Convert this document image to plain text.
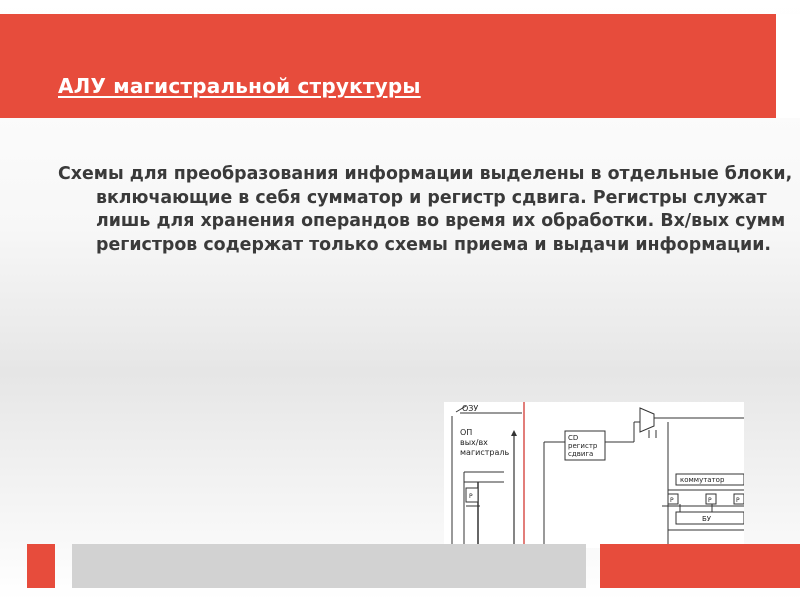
АЛУ магистральной структуры

Схемы для преобразования информации выделены в отдельные блоки, включающие в себя сумматор и регистр сдвига. Регистры служат лишь для хранения операндов во время их обработки. Вх/вых сумм регистров содержат только схемы приема и выдачи информации.

ОЗУ
ОП
вых/вх
магистраль
Р
СD
регистр
сдвига
коммутатор
Р	Р	Р
БУ
